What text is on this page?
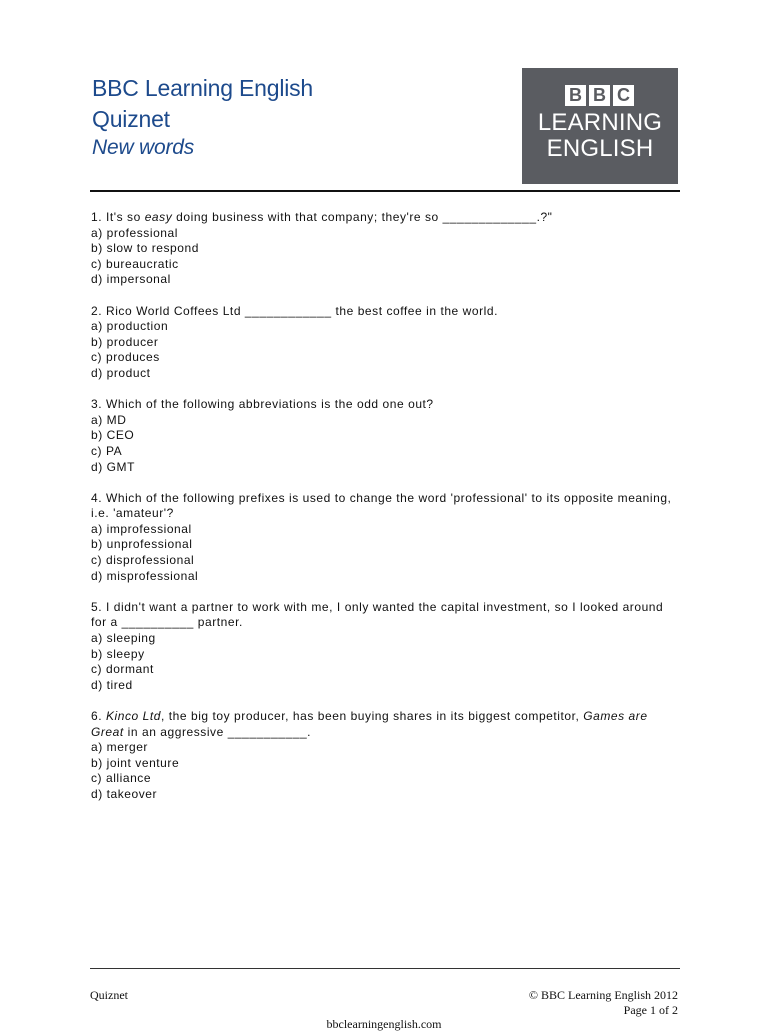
BBC Learning English
Quiznet
New words
B B C
LEARNING
ENGLISH

1. It's so easy doing business with that company; they're so _____________.?"

a) professional
b) slow to respond
c) bureaucratic
d) impersonal

2. Rico World Coffees Ltd ____________ the best coffee in the world.

a) production
b) producer
c) produces
d) product

3. Which of the following abbreviations is the odd one out?

a) MD
b) CEO
c) PA
d) GMT

4. Which of the following prefixes is used to change the word 'professional' to its opposite meaning, i.e. 'amateur'?

a) improfessional
b) unprofessional
c) disprofessional
d) misprofessional

5. I didn't want a partner to work with me, I only wanted the capital investment, so I looked around for a __________ partner.

a) sleeping
b) sleepy
c) dormant
d) tired

6. Kinco Ltd, the big toy producer, has been buying shares in its biggest competitor, Games are Great in an aggressive ___________.

a) merger
b) joint venture
c) alliance
d) takeover
Quiznet	© BBC Learning English 2012
Page 1 of 2
bbclearningenglish.com
